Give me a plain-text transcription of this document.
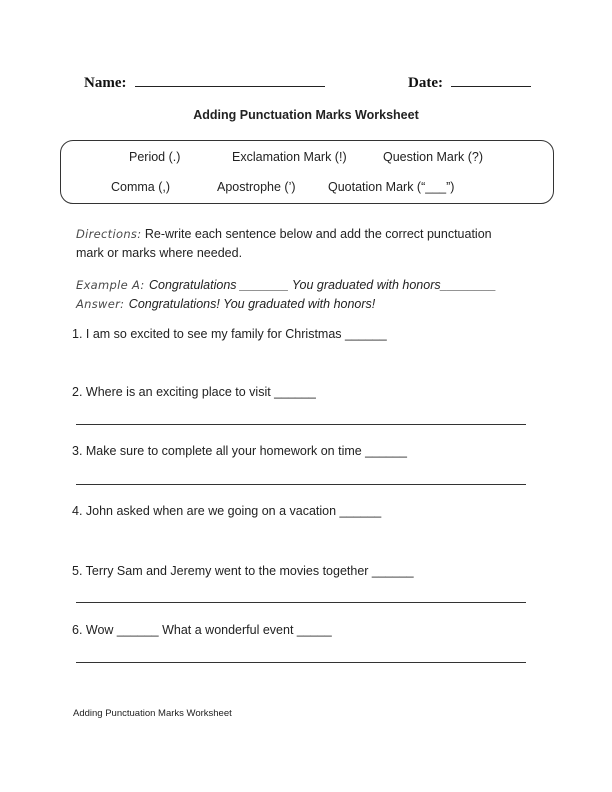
Name:	Date:
Adding Punctuation Marks Worksheet
Period (.)	Exclamation Mark (!)	Question Mark (?)
Comma (,)	Apostrophe (’)	Quotation Mark (“___”)
Directions: Re-write each sentence below and add the correct punctuation
mark or marks where needed.
Example A: Congratulations _______ You graduated with honors________
Answer: Congratulations! You graduated with honors!
1. I am so excited to see my family for Christmas ______
2. Where is an exciting place to visit ______
3. Make sure to complete all your homework on time ______
4. John asked when are we going on a vacation ______
5. Terry Sam and Jeremy went to the movies together ______
6. Wow ______ What a wonderful event _____
Adding Punctuation Marks Worksheet
